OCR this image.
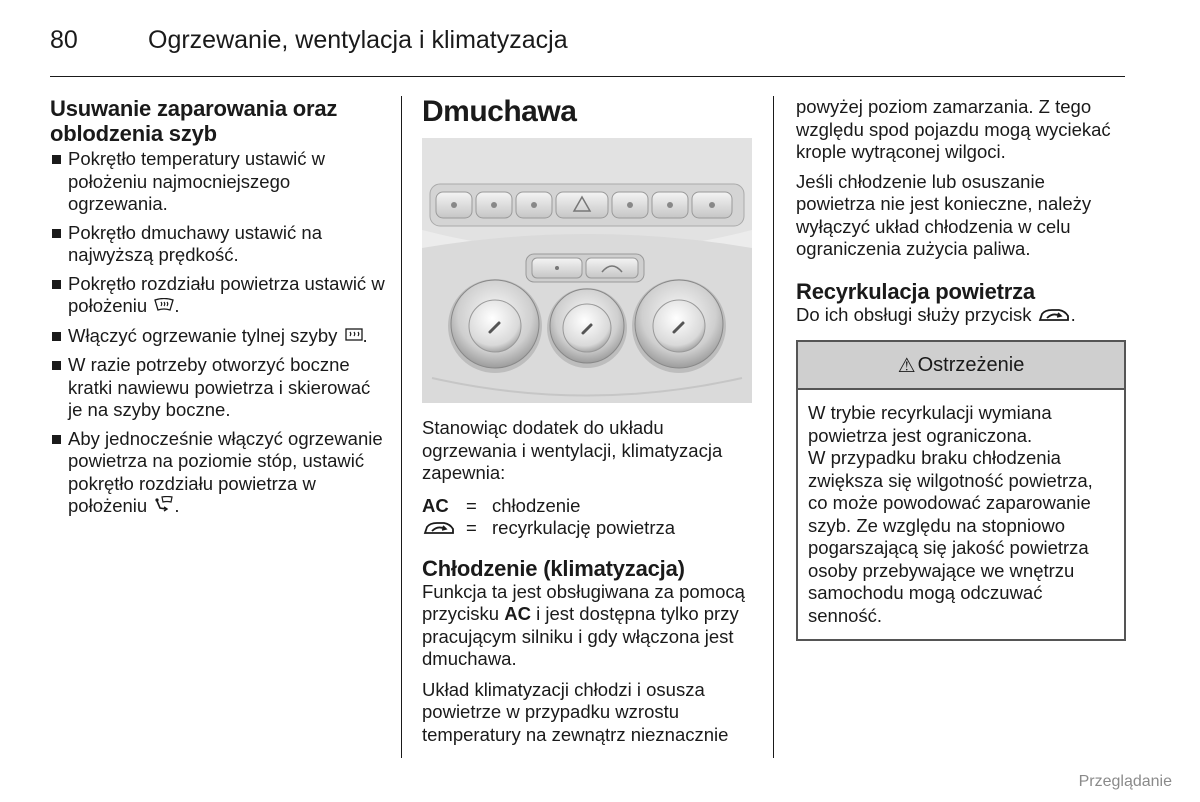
80	Ogrzewanie, wentylacja i klimatyzacja
Usuwanie zaparowania oraz
oblodzenia szyb
Pokrętło temperatury ustawić w położeniu najmocniejszego ogrzewania.
Pokrętło dmuchawy ustawić na najwyższą prędkość.
Pokrętło rozdziału powietrza ustawić w położeniu .
Włączyć ogrzewanie tylnej szyby .
W razie potrzeby otworzyć boczne kratki nawiewu powietrza i skierować je na szyby boczne.
Aby jednocześnie włączyć ogrzewanie powietrza na poziomie stóp, ustawić pokrętło rozdziału powietrza w położeniu .
Dmuchawa

Stanowiąc dodatek do układu ogrzewania i wentylacji, klimatyzacja zapewnia:

AC = chłodzenie
= recyrkulację powietrza
Chłodzenie (klimatyzacja)

Funkcja ta jest obsługiwana za pomocą przycisku AC i jest dostępna tylko przy pracującym silniku i gdy włączona jest dmuchawa.

Układ klimatyzacji chłodzi i osusza powietrze w przypadku wzrostu temperatury na zewnątrz nieznacznie

powyżej poziom zamarzania. Z tego względu spod pojazdu mogą wyciekać krople wytrąconej wilgoci.

Jeśli chłodzenie lub osuszanie powietrza nie jest konieczne, należy wyłączyć układ chłodzenia w celu ograniczenia zużycia paliwa.

Recyrkulacja powietrza

Do ich obsługi służy przycisk .

⚠ Ostrzeżenie

W trybie recyrkulacji wymiana powietrza jest ograniczona.

W przypadku braku chłodzenia zwiększa się wilgotność powietrza, co może powodować zaparowanie szyb. Ze względu na stopniowo pogarszającą się jakość powietrza osoby przebywające we wnętrzu samochodu mogą odczuwać senność.

Przeglądanie
